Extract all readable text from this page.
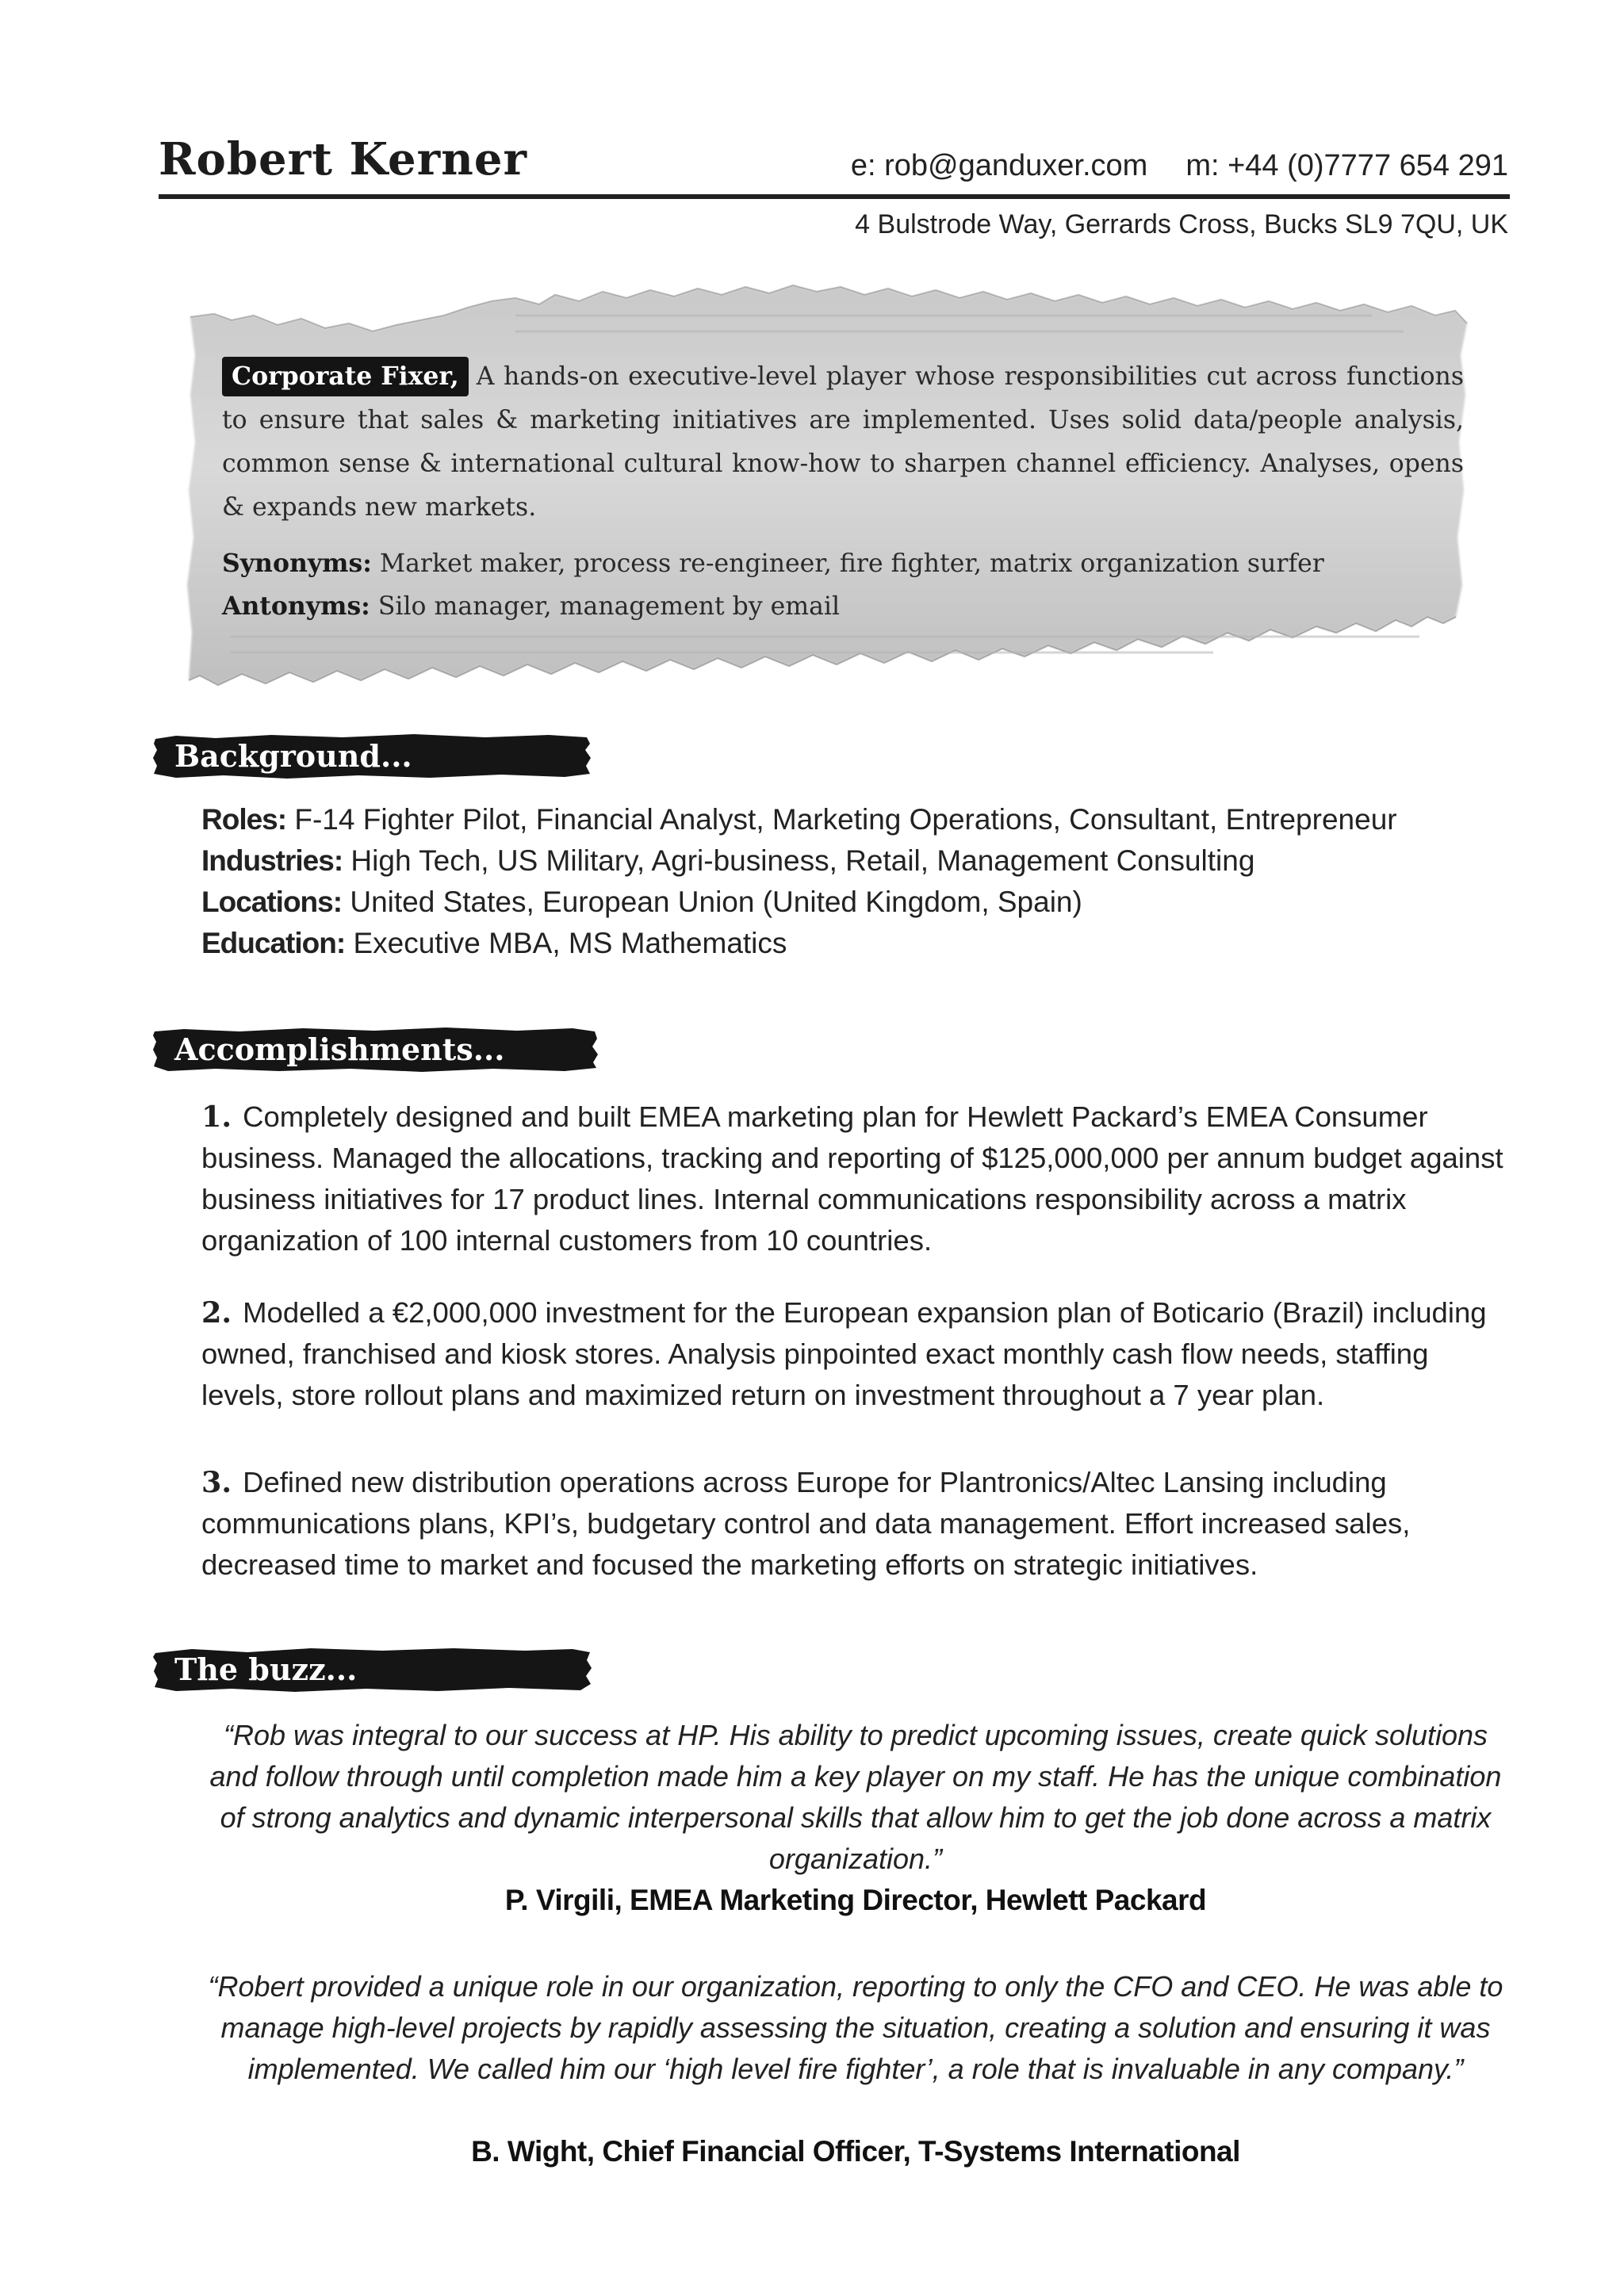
Robert Kerner	e: rob@ganduxer.com m: +44 (0)7777 654 291
4 Bulstrode Way, Gerrards Cross, Bucks SL9 7QU, UK
Corporate Fixer, A hands-on executive-level player whose responsibilities cut across functions to ensure that sales & marketing initiatives are implemented. Uses solid data/people analysis, common sense & international cultural know-how to sharpen channel efficiency. Analyses, opens & expands new markets.
Synonyms: Market maker, process re-engineer, fire fighter, matrix organization surfer
Antonyms: Silo manager, management by email
Background...
Roles: F-14 Fighter Pilot, Financial Analyst, Marketing Operations, Consultant, Entrepreneur
Industries: High Tech, US Military, Agri-business, Retail, Management Consulting
Locations: United States, European Union (United Kingdom, Spain)
Education: Executive MBA, MS Mathematics
Accomplishments...
1. Completely designed and built EMEA marketing plan for Hewlett Packard’s EMEA Consumer business. Managed the allocations, tracking and reporting of $125,000,000 per annum budget against business initiatives for 17 product lines. Internal communications responsibility across a matrix organization of 100 internal customers from 10 countries.
2. Modelled a €2,000,000 investment for the European expansion plan of Boticario (Brazil) including owned, franchised and kiosk stores. Analysis pinpointed exact monthly cash flow needs, staffing levels, store rollout plans and maximized return on investment throughout a 7 year plan.
3. Defined new distribution operations across Europe for Plantronics/Altec Lansing including communications plans, KPI’s, budgetary control and data management. Effort increased sales, decreased time to market and focused the marketing efforts on strategic initiatives.
The buzz...
“Rob was integral to our success at HP. His ability to predict upcoming issues, create quick solutions and follow through until completion made him a key player on my staff. He has the unique combination of strong analytics and dynamic interpersonal skills that allow him to get the job done across a matrix organization.”
P. Virgili, EMEA Marketing Director, Hewlett Packard
“Robert provided a unique role in our organization, reporting to only the CFO and CEO. He was able to manage high-level projects by rapidly assessing the situation, creating a solution and ensuring it was implemented. We called him our ‘high level fire fighter’, a role that is invaluable in any company.”
B. Wight, Chief Financial Officer, T-Systems International
